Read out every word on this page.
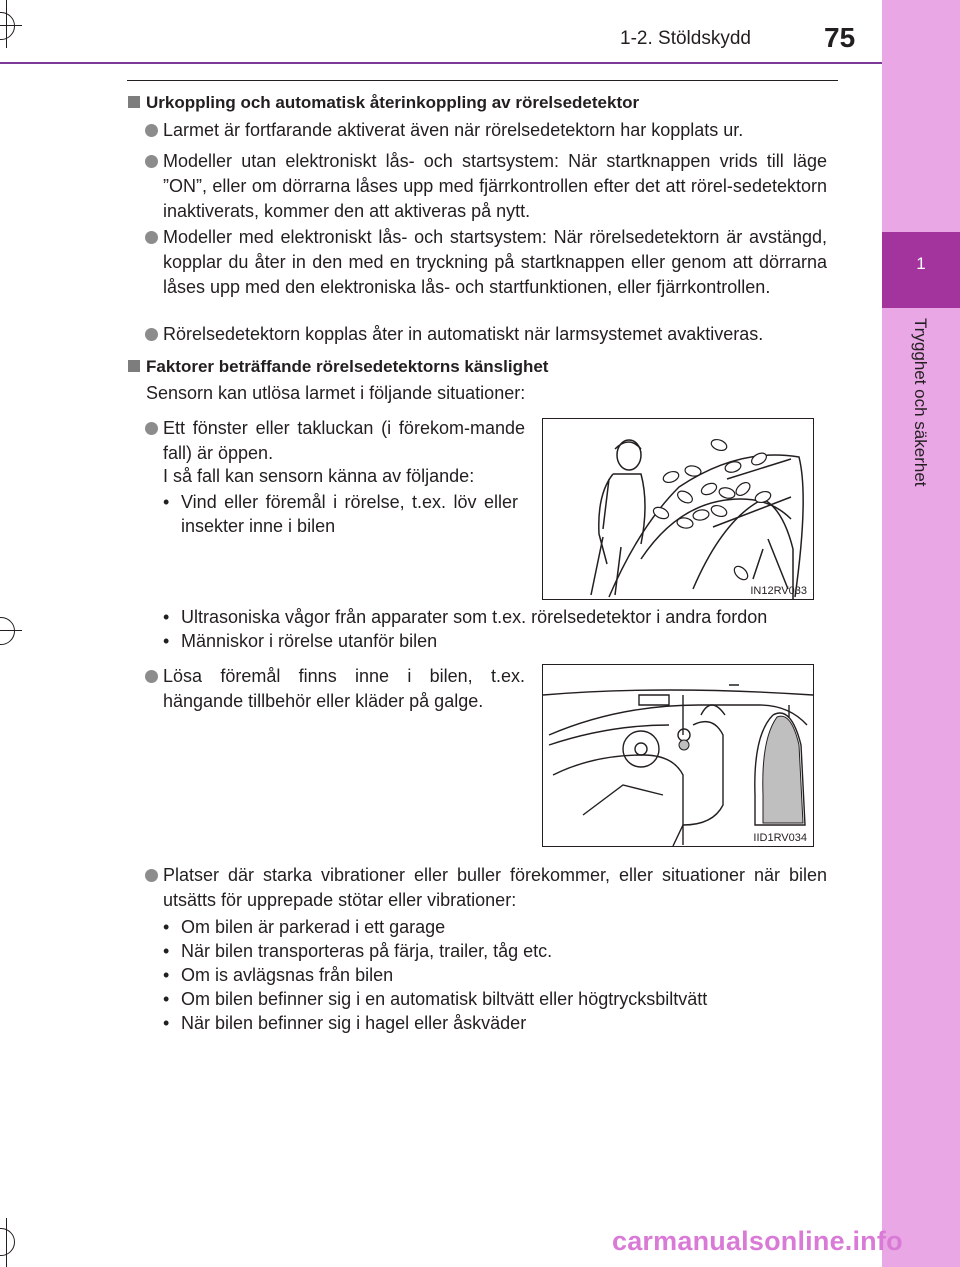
1
Trygghet och säkerhet
1-2. Stöldskydd	75
Urkoppling och automatisk återinkoppling av rörelsedetektor
Larmet är fortfarande aktiverat även när rörelsedetektorn har kopplats ur.
Modeller utan elektroniskt lås- och startsystem: När startknappen vrids till läge ”ON”, eller om dörrarna låses upp med fjärrkontrollen efter det att rörel-sedetektorn inaktiverats, kommer den att aktiveras på nytt.
Modeller med elektroniskt lås- och startsystem: När rörelsedetektorn är avstängd, kopplar du åter in den med en tryckning på startknappen eller genom att dörrarna låses upp med den elektroniska lås- och startfunktionen, eller fjärrkontrollen.
Rörelsedetektorn kopplas åter in automatiskt när larmsystemet avaktiveras.
Faktorer beträffande rörelsedetektorns känslighet
Sensorn kan utlösa larmet i följande situationer:
Ett fönster eller takluckan (i förekom-mande fall) är öppen.
I så fall kan sensorn känna av följande:
• Vind eller föremål i rörelse, t.ex. löv eller insekter inne i bilen
IN12RV033
• Ultrasoniska vågor från apparater som t.ex. rörelsedetektor i andra fordon
• Människor i rörelse utanför bilen
Lösa föremål finns inne i bilen, t.ex. hängande tillbehör eller kläder på galge.
IID1RV034
Platser där starka vibrationer eller buller förekommer, eller situationer när bilen utsätts för upprepade stötar eller vibrationer:
• Om bilen är parkerad i ett garage
• När bilen transporteras på färja, trailer, tåg etc.
• Om is avlägsnas från bilen
• Om bilen befinner sig i en automatisk biltvätt eller högtrycksbiltvätt
• När bilen befinner sig i hagel eller åskväder
carmanualsonline.info
